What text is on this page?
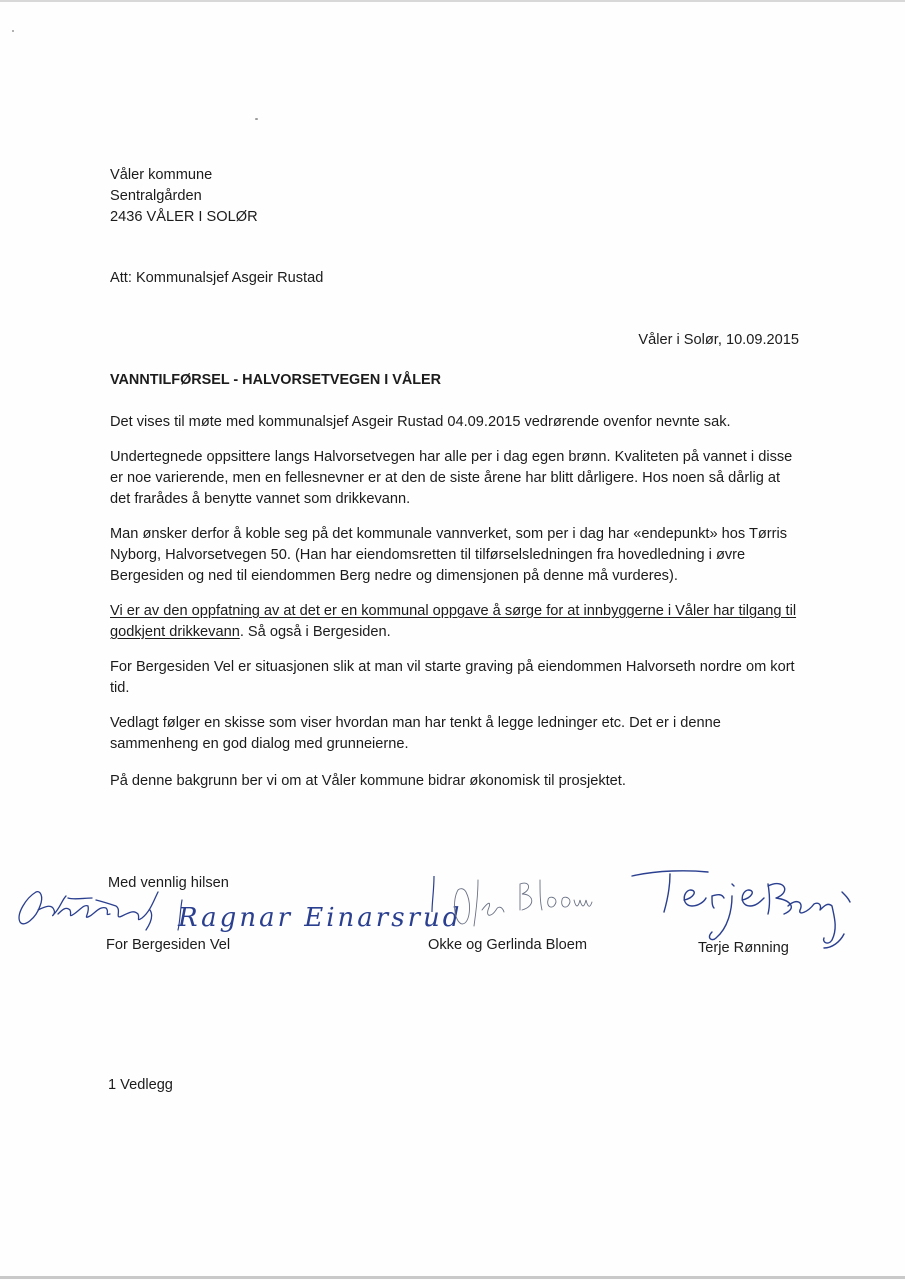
Våler kommune
Sentralgården
2436 VÅLER I SOLØR
Att: Kommunalsjef Asgeir Rustad
Våler i Solør, 10.09.2015
VANNTILFØRSEL - HALVORSETVEGEN I VÅLER

Det vises til møte med kommunalsjef Asgeir Rustad 04.09.2015 vedrørende ovenfor nevnte sak.

Undertegnede oppsittere langs Halvorsetvegen har alle per i dag egen brønn. Kvaliteten på vannet i disse er noe varierende, men en fellesnevner er at den de siste årene har blitt dårligere. Hos noen så dårlig at det frarådes å benytte vannet som drikkevann.

Man ønsker derfor å koble seg på det kommunale vannverket, som per i dag har «endepunkt» hos Tørris Nyborg, Halvorsetvegen 50. (Han har eiendomsretten til tilførselsledningen fra hovedledning i øvre Bergesiden og ned til eiendommen Berg nedre og dimensjonen på denne må vurderes).

Vi er av den oppfatning av at det er en kommunal oppgave å sørge for at innbyggerne i Våler har tilgang til godkjent drikkevann. Så også i Bergesiden.

For Bergesiden Vel er situasjonen slik at man vil starte graving på eiendommen Halvorseth nordre om kort tid.

Vedlagt følger en skisse som viser hvordan man har tenkt å legge ledninger etc. Det er i denne sammenheng en god dialog med grunneierne.

På denne bakgrunn ber vi om at Våler kommune bidrar økonomisk til prosjektet.

Med vennlig hilsen
For Bergesiden Vel	Okke og Gerlinda Bloem	Terje Rønning
Ragnar Einarsrud
1 Vedlegg
